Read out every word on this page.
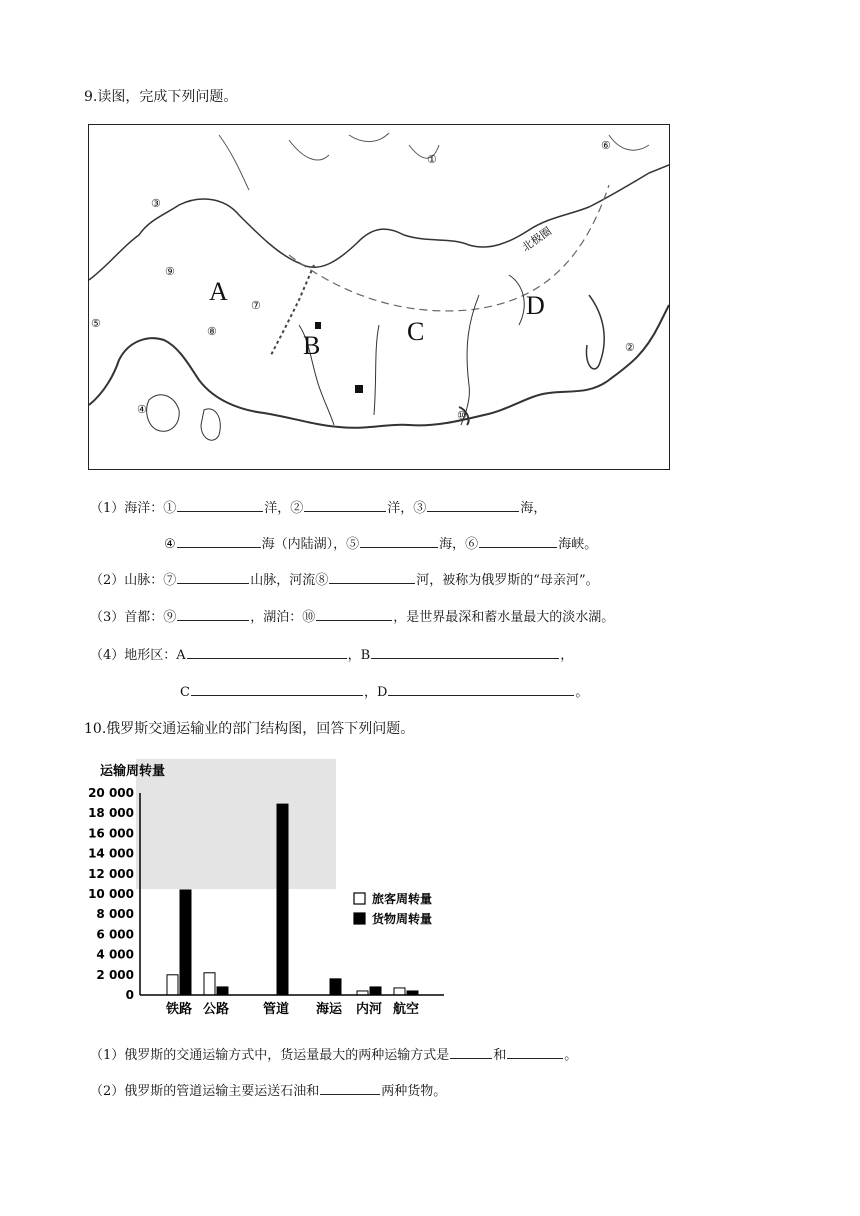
9.读图，完成下列问题。
A
B	C
D
北极圈
①
②
③
④
⑤
⑥
⑦
⑧
⑨
⑩
（1）海洋：①	洋，②	洋，③	海，
④	海（内陆湖），⑤	海，⑥	海峡。
（2）山脉：⑦	山脉，河流⑧	河，被称为俄罗斯的“母亲河”。
（3）首都：⑨	，湖泊：⑩	，是世界最深和蓄水量最大的淡水湖。
（4）地形区：A	，B	，
C	，D	。
10.俄罗斯交通运输业的部门结构图，回答下列问题。
运输周转量
0
2 000
4 000
6 000
8 000
10 000
12 000
14 000
16 000
18 000
20 000
铁路 公路	管道 海运 内河 航空
旅客周转量
货物周转量
（1）俄罗斯的交通运输方式中，货运量最大的两种运输方式是	和	。
（2）俄罗斯的管道运输主要运送石油和	两种货物。
